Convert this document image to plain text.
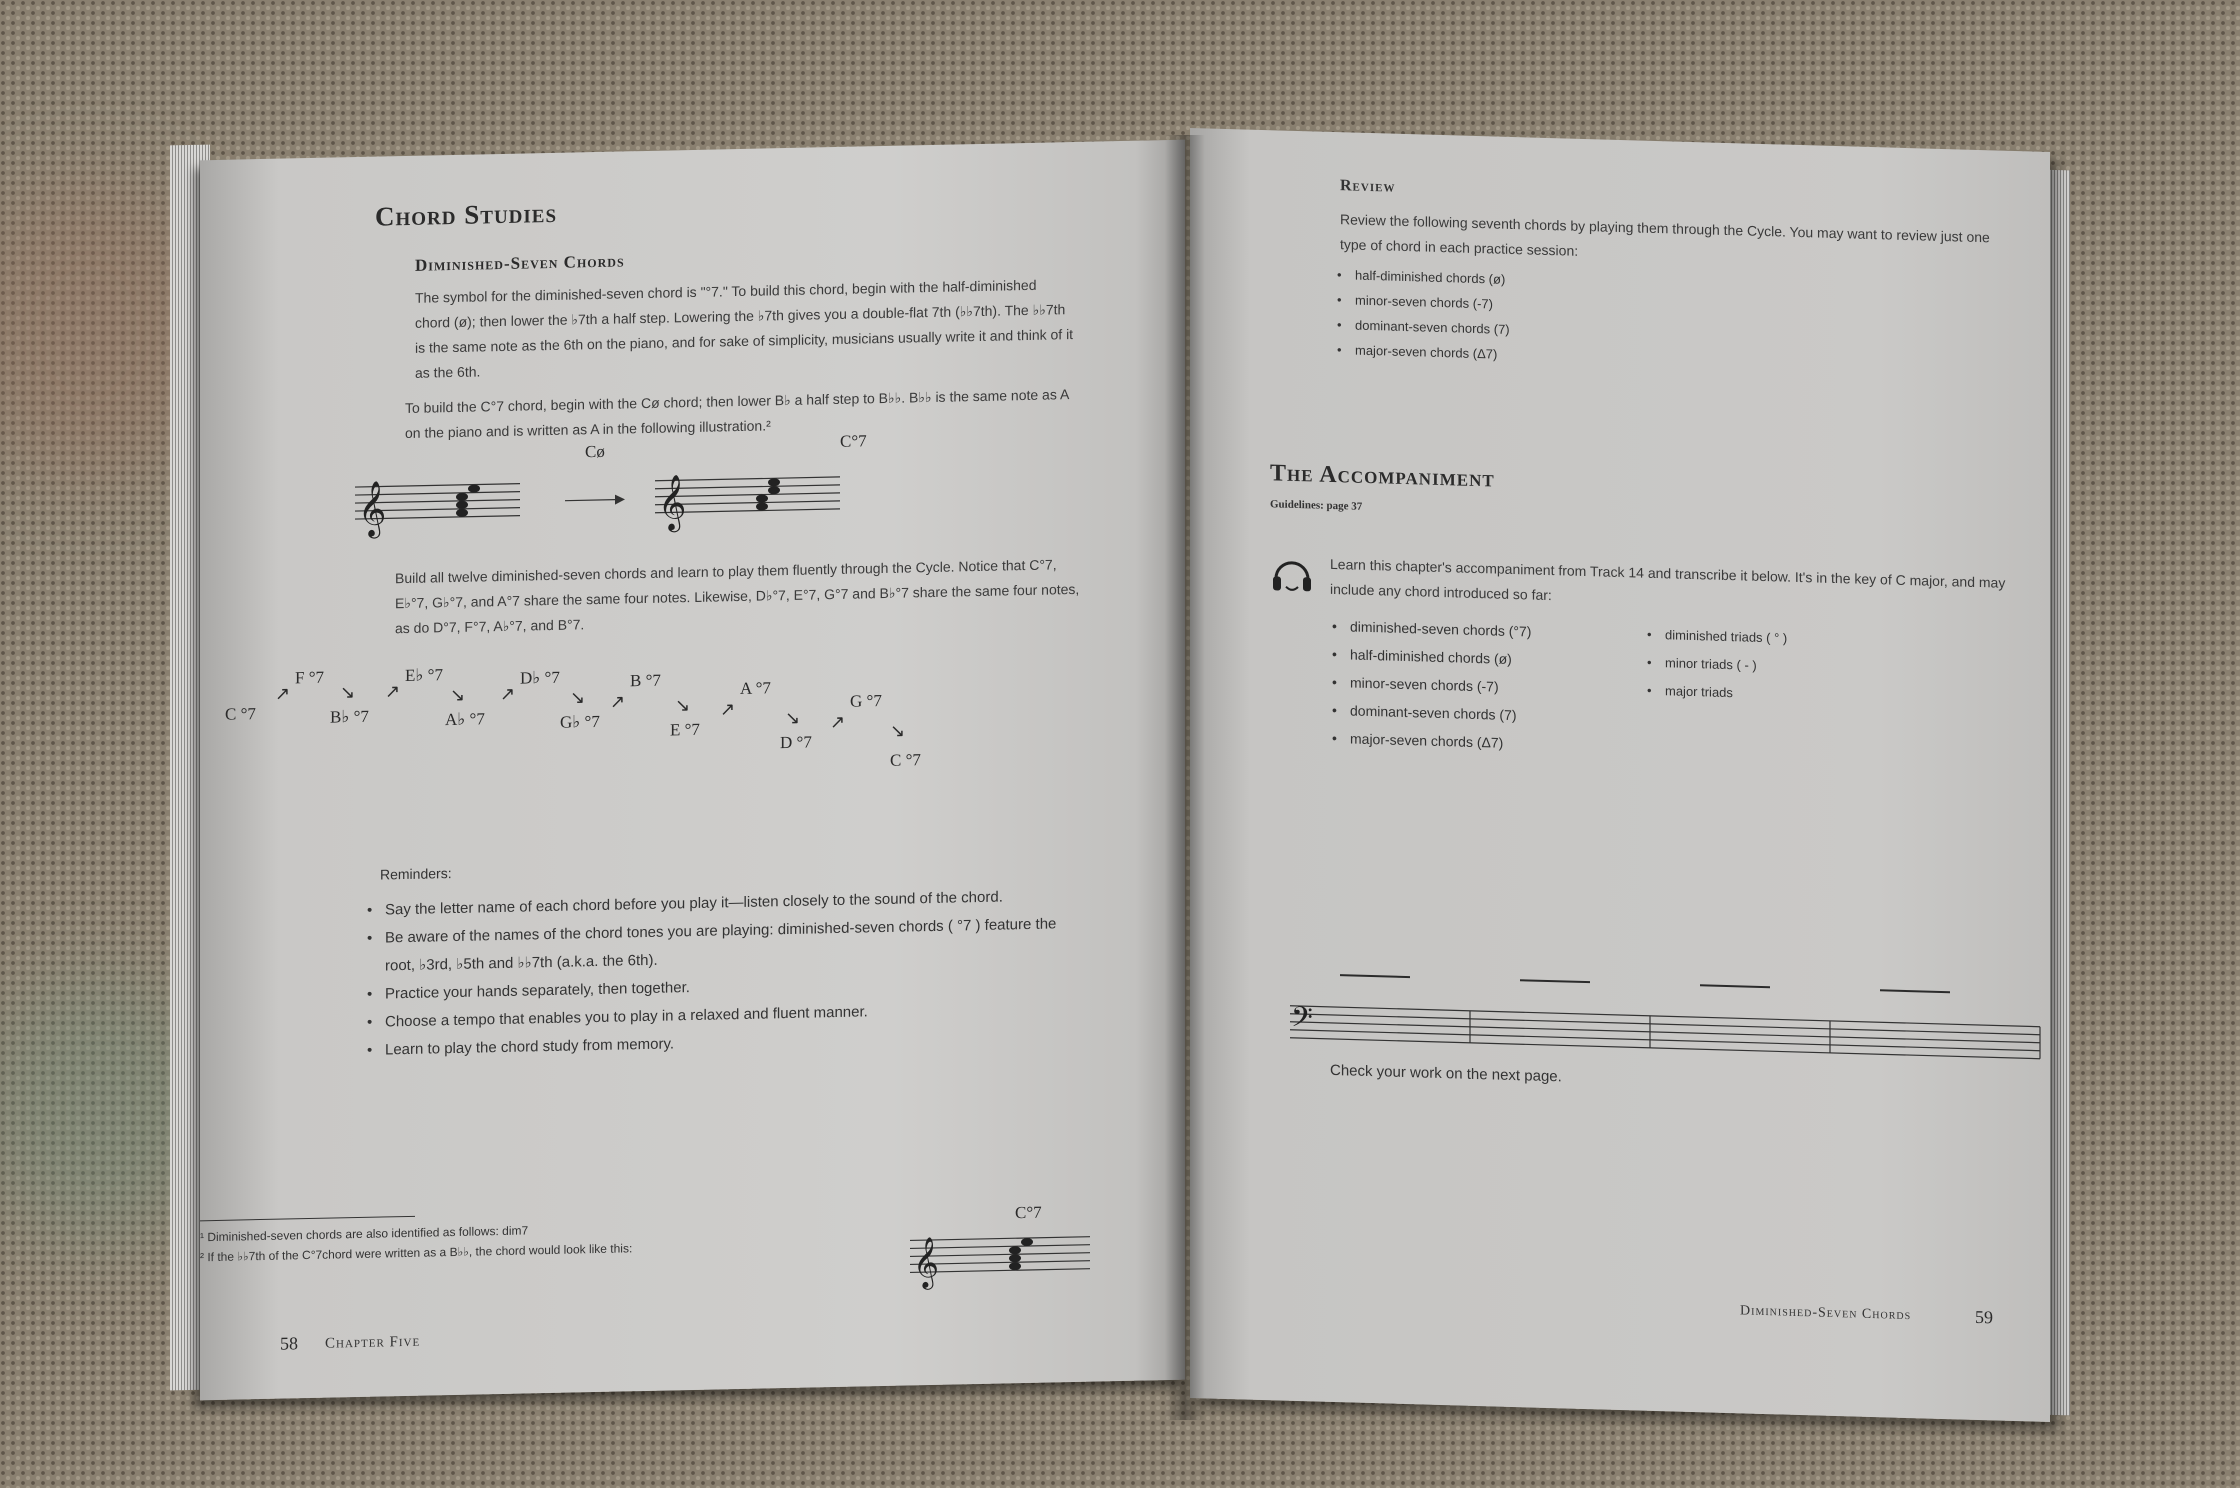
Chord Studies
Diminished-Seven Chords
The symbol for the diminished-seven chord is "°7." To build this chord, begin with the half-diminished chord (ø); then lower the ♭7th a half step. Lowering the ♭7th gives you a double-flat 7th (♭♭7th). The ♭♭7th is the same note as the 6th on the piano, and for sake of simplicity, musicians usually write it and think of it as the 6th.
To build the C°7 chord, begin with the Cø chord; then lower B♭ a half step to B♭♭. B♭♭ is the same note as A on the piano and is written as A in the following illustration.²
Cø
C°7
𝄞	𝄞
Build all twelve diminished-seven chords and learn to play them fluently through the Cycle. Notice that C°7, E♭°7, G♭°7, and A°7 share the same four notes. Likewise, D♭°7, E°7, G°7 and B♭°7 share the same four notes, as do D°7, F°7, A♭°7, and B°7.
C °7
↗
F °7
↘
B♭ °7
↗
E♭ °7
↘
A♭ °7
↗
D♭ °7
↘
G♭ °7
↗
B °7
↘
E °7
↗
A °7
↘
D °7
↗
G °7
↘
C °7
Reminders:
• Say the letter name of each chord before you play it—listen closely to the sound of the chord.
• Be aware of the names of the chord tones you are playing: diminished-seven chords ( °7 ) feature the root, ♭3rd, ♭5th and ♭♭7th (a.k.a. the 6th).
• Practice your hands separately, then together.
• Choose a tempo that enables you to play in a relaxed and fluent manner.
• Learn to play the chord study from memory.
¹ Diminished-seven chords are also identified as follows: dim7
² If the ♭♭7th of the C°7chord were written as a B♭♭, the chord would look like this:
C°7
𝄞
58 Chapter Five
Review
Review the following seventh chords by playing them through the Cycle. You may want to review just one type of chord in each practice session:
• half-diminished chords (ø)
• minor-seven chords (-7)
• dominant-seven chords (7)
• major-seven chords (Δ7)
The Accompaniment
Guidelines: page 37
Learn this chapter's accompaniment from Track 14 and transcribe it below. It's in the key of C major, and may include any chord introduced so far:
• diminished-seven chords (°7)
• half-diminished chords (ø)
• minor-seven chords (-7)
• dominant-seven chords (7)
• major-seven chords (Δ7)
• diminished triads ( ° )
• minor triads ( - )
• major triads
𝄢
Check your work on the next page.
Diminished-Seven Chords	59
